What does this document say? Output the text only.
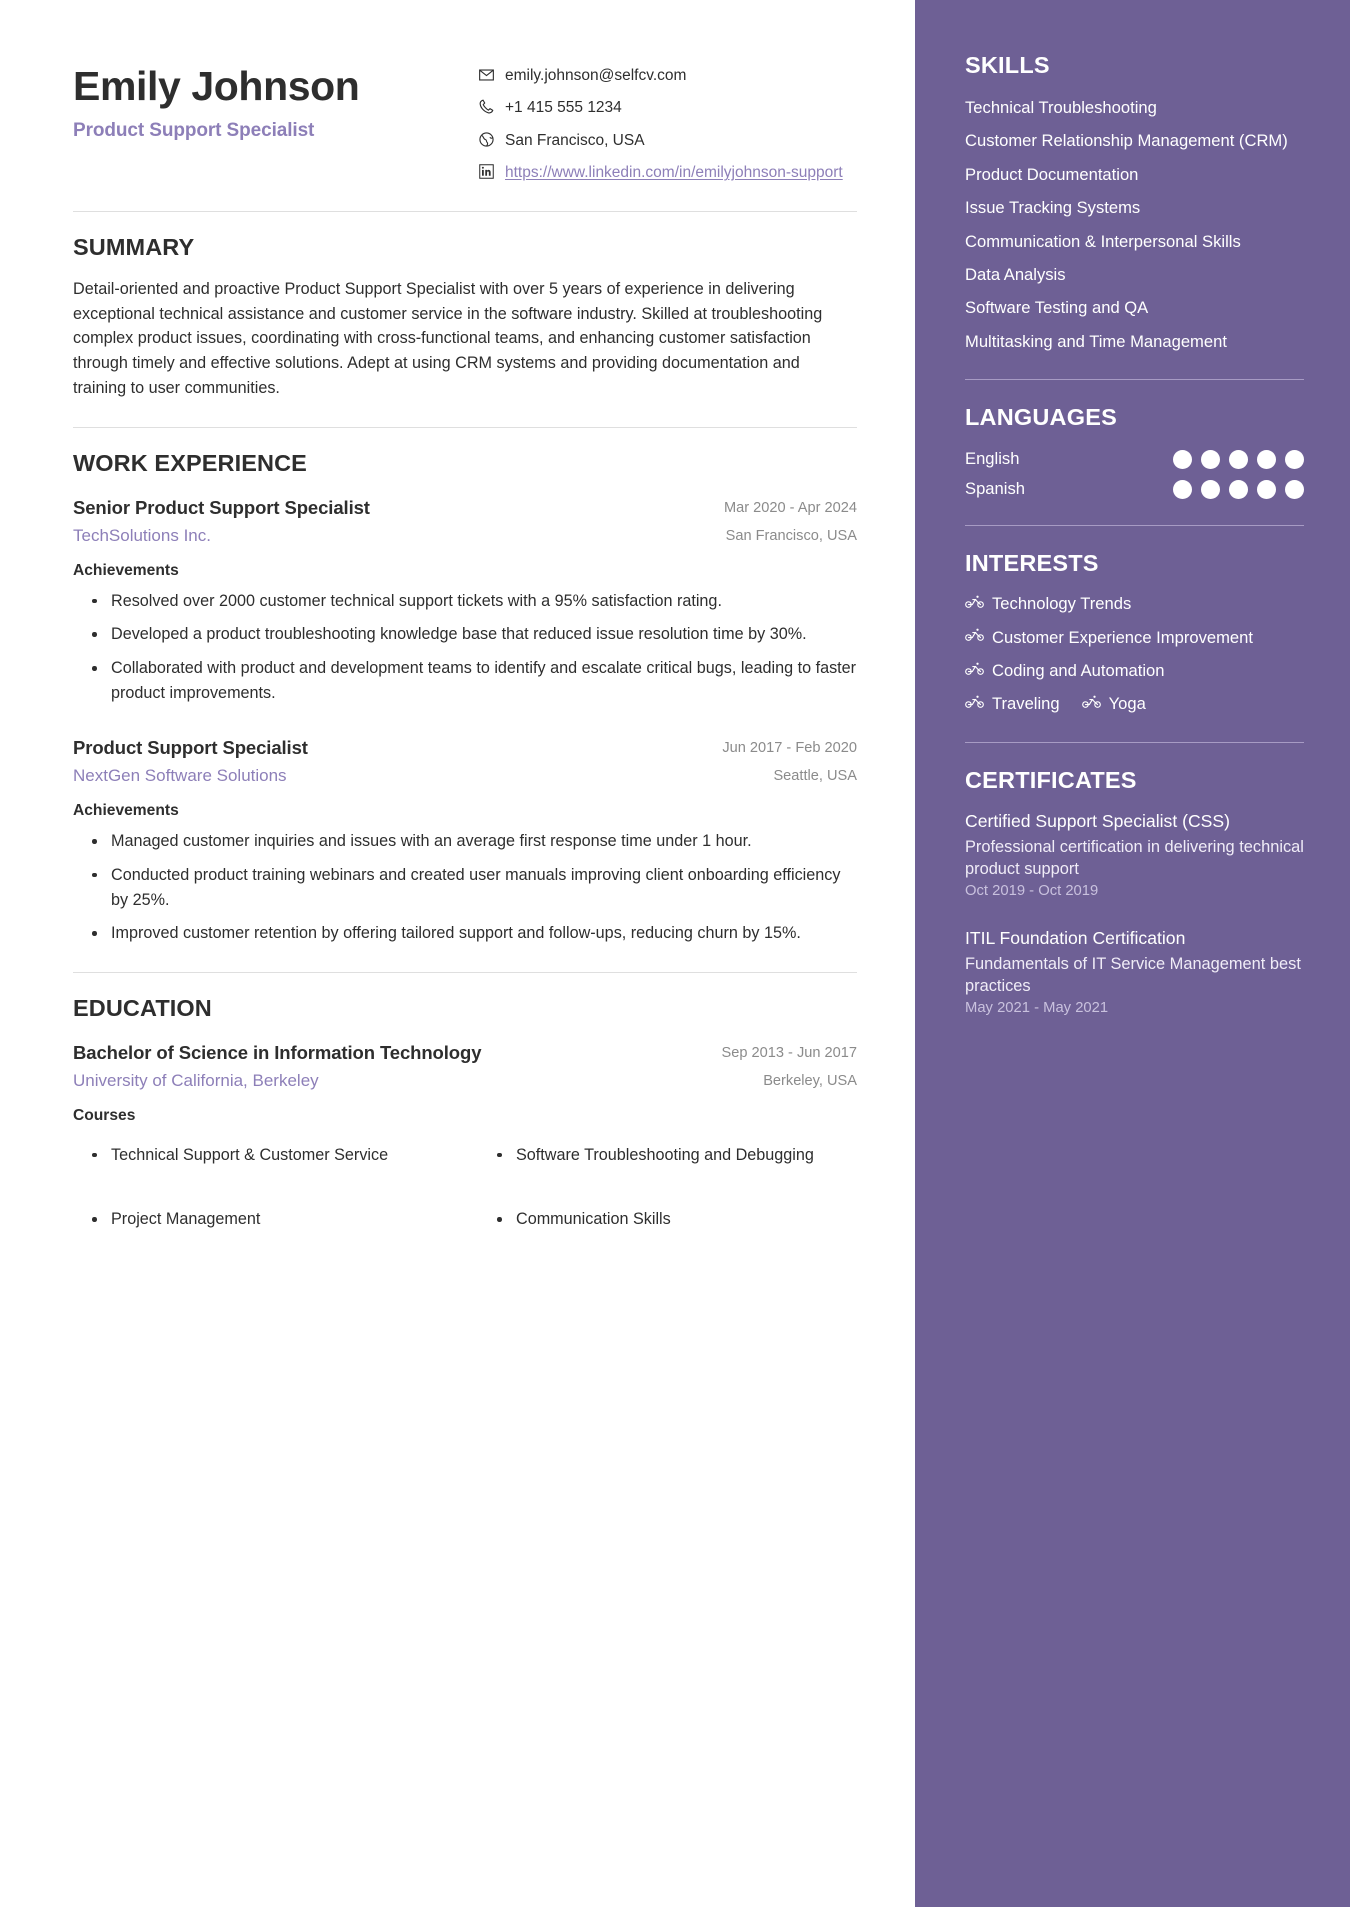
Emily Johnson
Product Support Specialist
emily.johnson@selfcv.com
+1 415 555 1234
San Francisco, USA
https://www.linkedin.com/in/emilyjohnson-support
SUMMARY

Detail-oriented and proactive Product Support Specialist with over 5 years of experience in delivering exceptional technical assistance and customer service in the software industry. Skilled at troubleshooting complex product issues, coordinating with cross-functional teams, and enhancing customer satisfaction through timely and effective solutions. Adept at using CRM systems and providing documentation and training to user communities.

WORK EXPERIENCE
Senior Product Support Specialist
TechSolutions Inc.
Mar 2020 - Apr 2024
San Francisco, USA
Achievements
Resolved over 2000 customer technical support tickets with a 95% satisfaction rating.
Developed a product troubleshooting knowledge base that reduced issue resolution time by 30%.
Collaborated with product and development teams to identify and escalate critical bugs, leading to faster product improvements.
Product Support Specialist
NextGen Software Solutions
Jun 2017 - Feb 2020
Seattle, USA
Achievements
Managed customer inquiries and issues with an average first response time under 1 hour.
Conducted product training webinars and created user manuals improving client onboarding efficiency by 25%.
Improved customer retention by offering tailored support and follow-ups, reducing churn by 15%.
EDUCATION
Bachelor of Science in Information Technology
University of California, Berkeley
Sep 2013 - Jun 2017
Berkeley, USA
Courses
Technical Support & Customer Service
Project Management
Software Troubleshooting and Debugging
Communication Skills
SKILLS
Technical Troubleshooting
Customer Relationship Management (CRM)
Product Documentation
Issue Tracking Systems
Communication & Interpersonal Skills
Data Analysis
Software Testing and QA
Multitasking and Time Management
LANGUAGES
English
Spanish
INTERESTS
Technology Trends
Customer Experience Improvement
Coding and Automation
Traveling	Yoga
CERTIFICATES
Certified Support Specialist (CSS)
Professional certification in delivering technical product support
Oct 2019 - Oct 2019
ITIL Foundation Certification
Fundamentals of IT Service Management best practices
May 2021 - May 2021
